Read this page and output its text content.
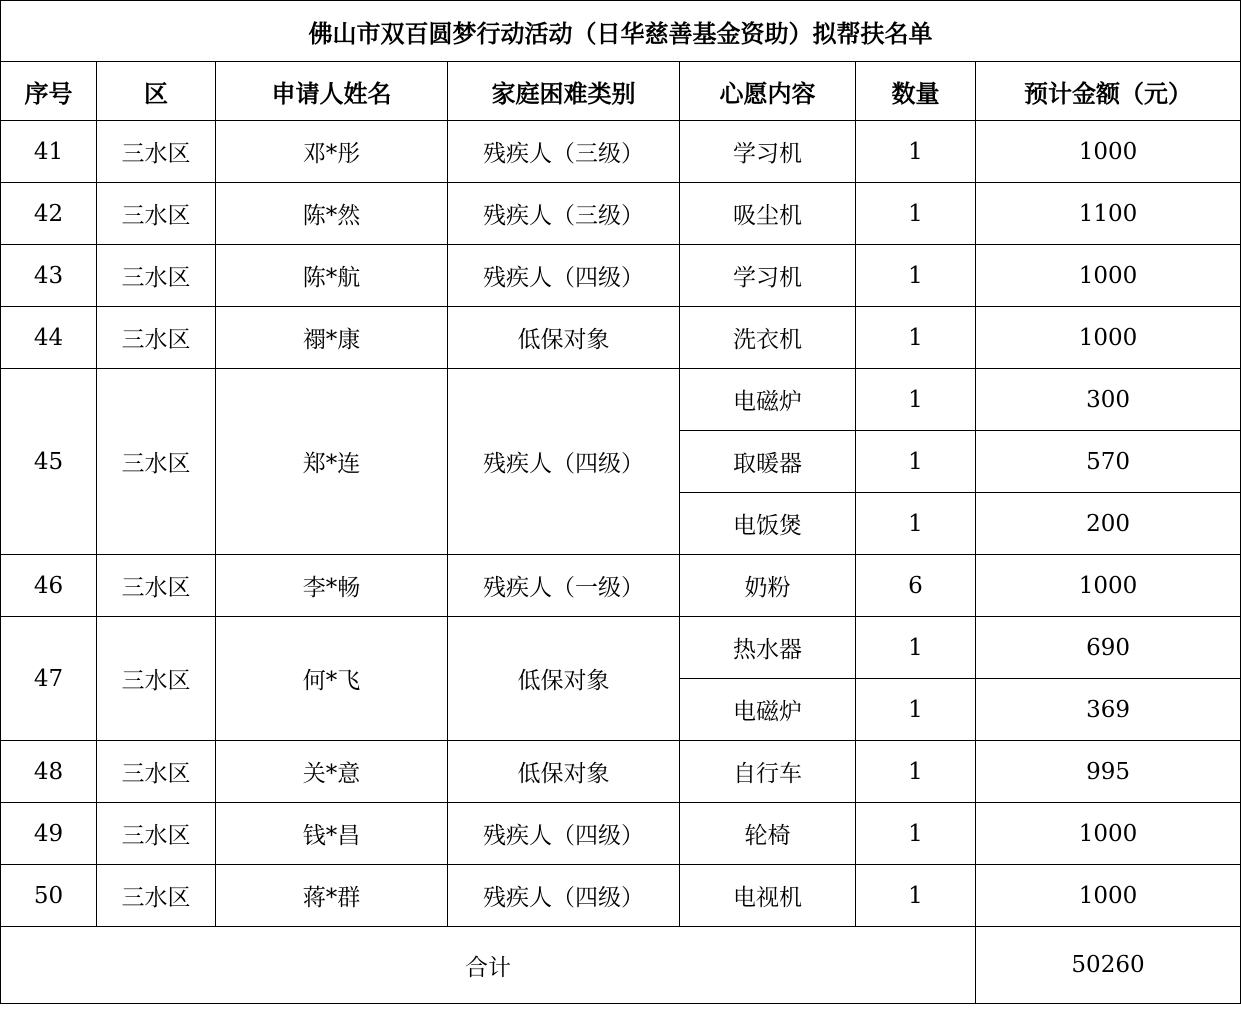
佛山市双百圆梦行动活动（日华慈善基金资助）拟帮扶名单						
序号	区	申请人姓名	家庭困难类别	心愿内容	数量	预计金额（元）
41	三水区	邓*彤	残疾人（三级）	学习机	1	1000
42	三水区	陈*然	残疾人（三级）	吸尘机	1	1100
43	三水区	陈*航	残疾人（四级）	学习机	1	1000
44	三水区	禤*康	低保对象	洗衣机	1	1000
45	三水区	郑*连	残疾人（四级）	电磁炉	1	300
				取暖器	1	570
				电饭煲	1	200
46	三水区	李*畅	残疾人（一级）	奶粉	6	1000
47	三水区	何*飞	低保对象	热水器	1	690
				电磁炉	1	369
48	三水区	关*意	低保对象	自行车	1	995
49	三水区	钱*昌	残疾人（四级）	轮椅	1	1000
50	三水区	蒋*群	残疾人（四级）	电视机	1	1000
合计						50260
